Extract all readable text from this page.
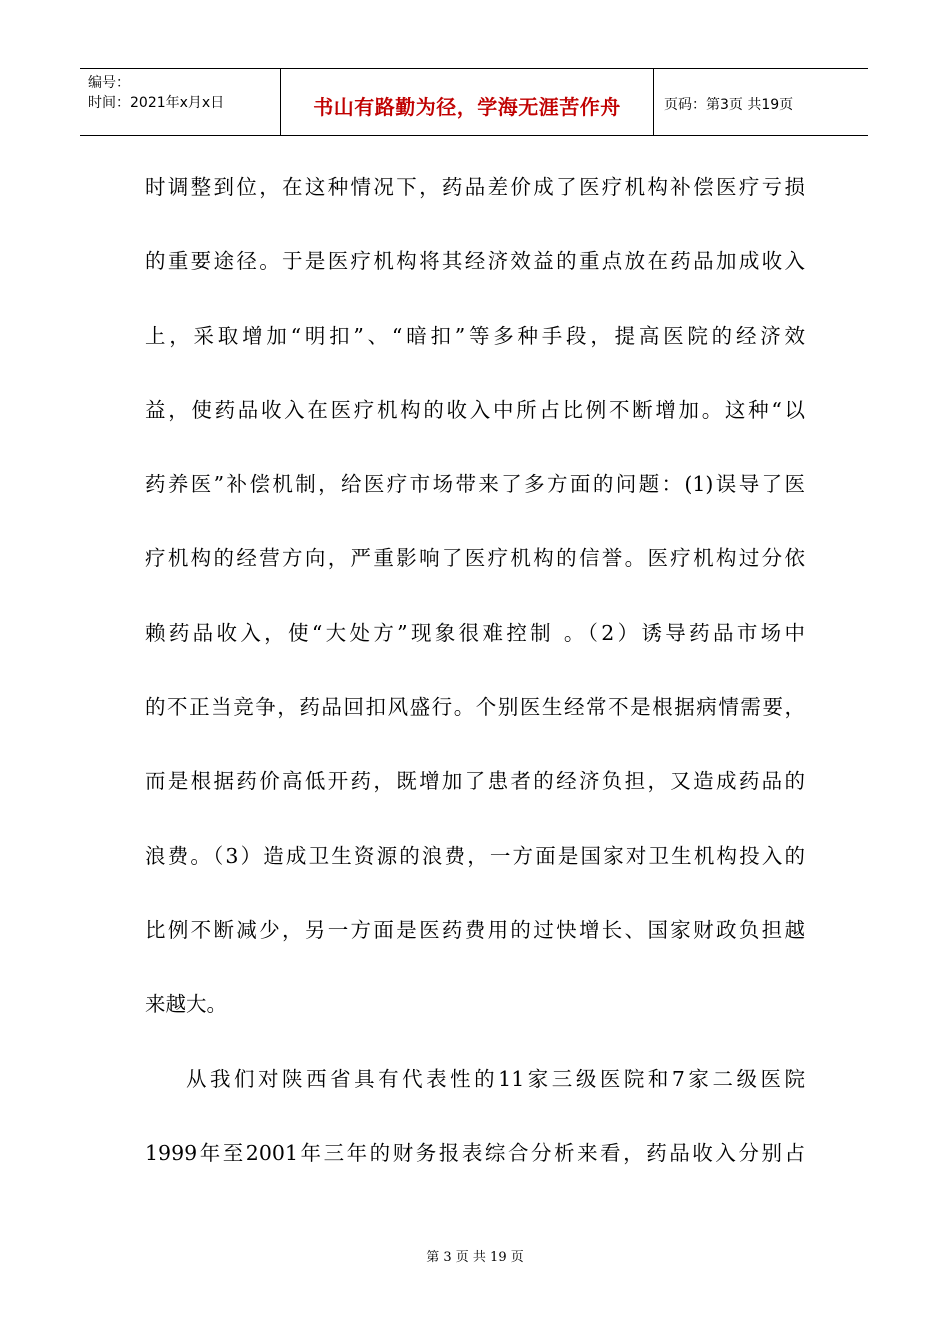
编号：
时间：2021年x月x日	书山有路勤为径，学海无涯苦作舟	页码：第3页 共19页
时调整到位，在这种情况下，药品差价成了医疗机构补偿医疗亏损
的重要途径。于是医疗机构将其经济效益的重点放在药品加成收入
上，采取增加“明扣”、“暗扣”等多种手段，提高医院的经济效
益，使药品收入在医疗机构的收入中所占比例不断增加。这种“以
药养医”补偿机制，给医疗市场带来了多方面的问题：(1)误导了医
疗机构的经营方向，严重影响了医疗机构的信誉。医疗机构过分依
赖药品收入，使“大处方”现象很难控制 。（2）诱导药品市场中
的不正当竞争，药品回扣风盛行。个别医生经常不是根据病情需要，
而是根据药价高低开药，既增加了患者的经济负担，又造成药品的
浪费。（3）造成卫生资源的浪费，一方面是国家对卫生机构投入的
比例不断减少，另一方面是医药费用的过快增长、国家财政负担越
来越大。
从我们对陕西省具有代表性的11家三级医院和7家二级医院
1999年至2001年三年的财务报表综合分析来看，药品收入分别占
第 3 页 共 19 页
